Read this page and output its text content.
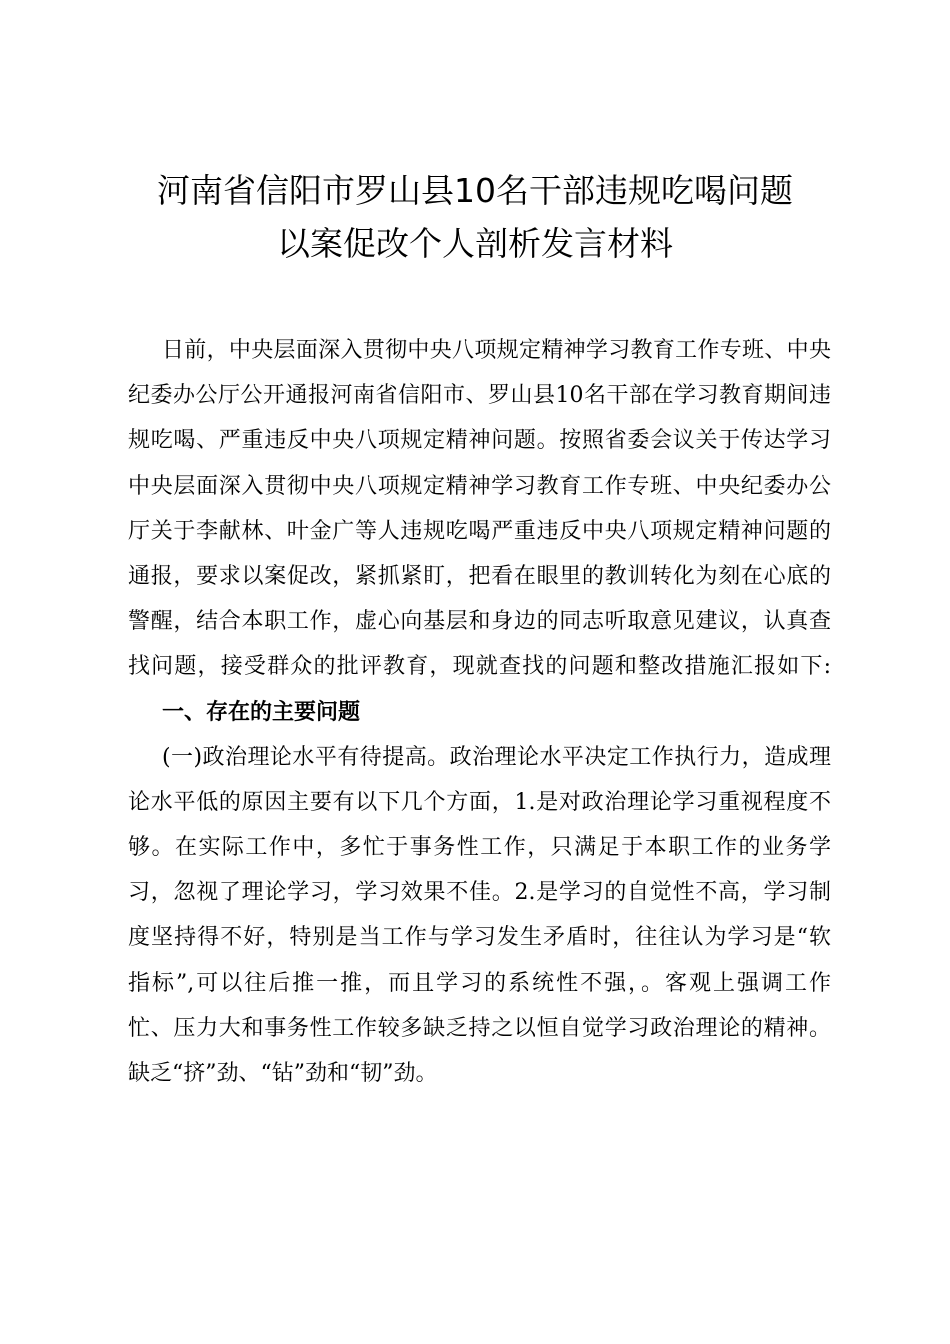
河南省信阳市罗山县10名干部违规吃喝问题
以案促改个人剖析发言材料
日前，中央层面深入贯彻中央八项规定精神学习教育工作专班、中央
纪委办公厅公开通报河南省信阳市、罗山县10名干部在学习教育期间违
规吃喝、严重违反中央八项规定精神问题。按照省委会议关于传达学习
中央层面深入贯彻中央八项规定精神学习教育工作专班、中央纪委办公
厅关于李献林、叶金广等人违规吃喝严重违反中央八项规定精神问题的
通报，要求以案促改，紧抓紧盯，把看在眼里的教训转化为刻在心底的
警醒，结合本职工作，虚心向基层和身边的同志听取意见建议，认真查
找问题，接受群众的批评教育，现就查找的问题和整改措施汇报如下:
一、存在的主要问题
(一)政治理论水平有待提高。政治理论水平决定工作执行力，造成理
论水平低的原因主要有以下几个方面，1.是对政治理论学习重视程度不
够。在实际工作中，多忙于事务性工作，只满足于本职工作的业务学
习，忽视了理论学习，学习效果不佳。2.是学习的自觉性不高，学习制
度坚持得不好，特别是当工作与学习发生矛盾时，往往认为学习是“软
指标”,可以往后推一推，而且学习的系统性不强，。客观上强调工作
忙、压力大和事务性工作较多缺乏持之以恒自觉学习政治理论的精神。
缺乏“挤”劲、“钻”劲和“韧”劲。
